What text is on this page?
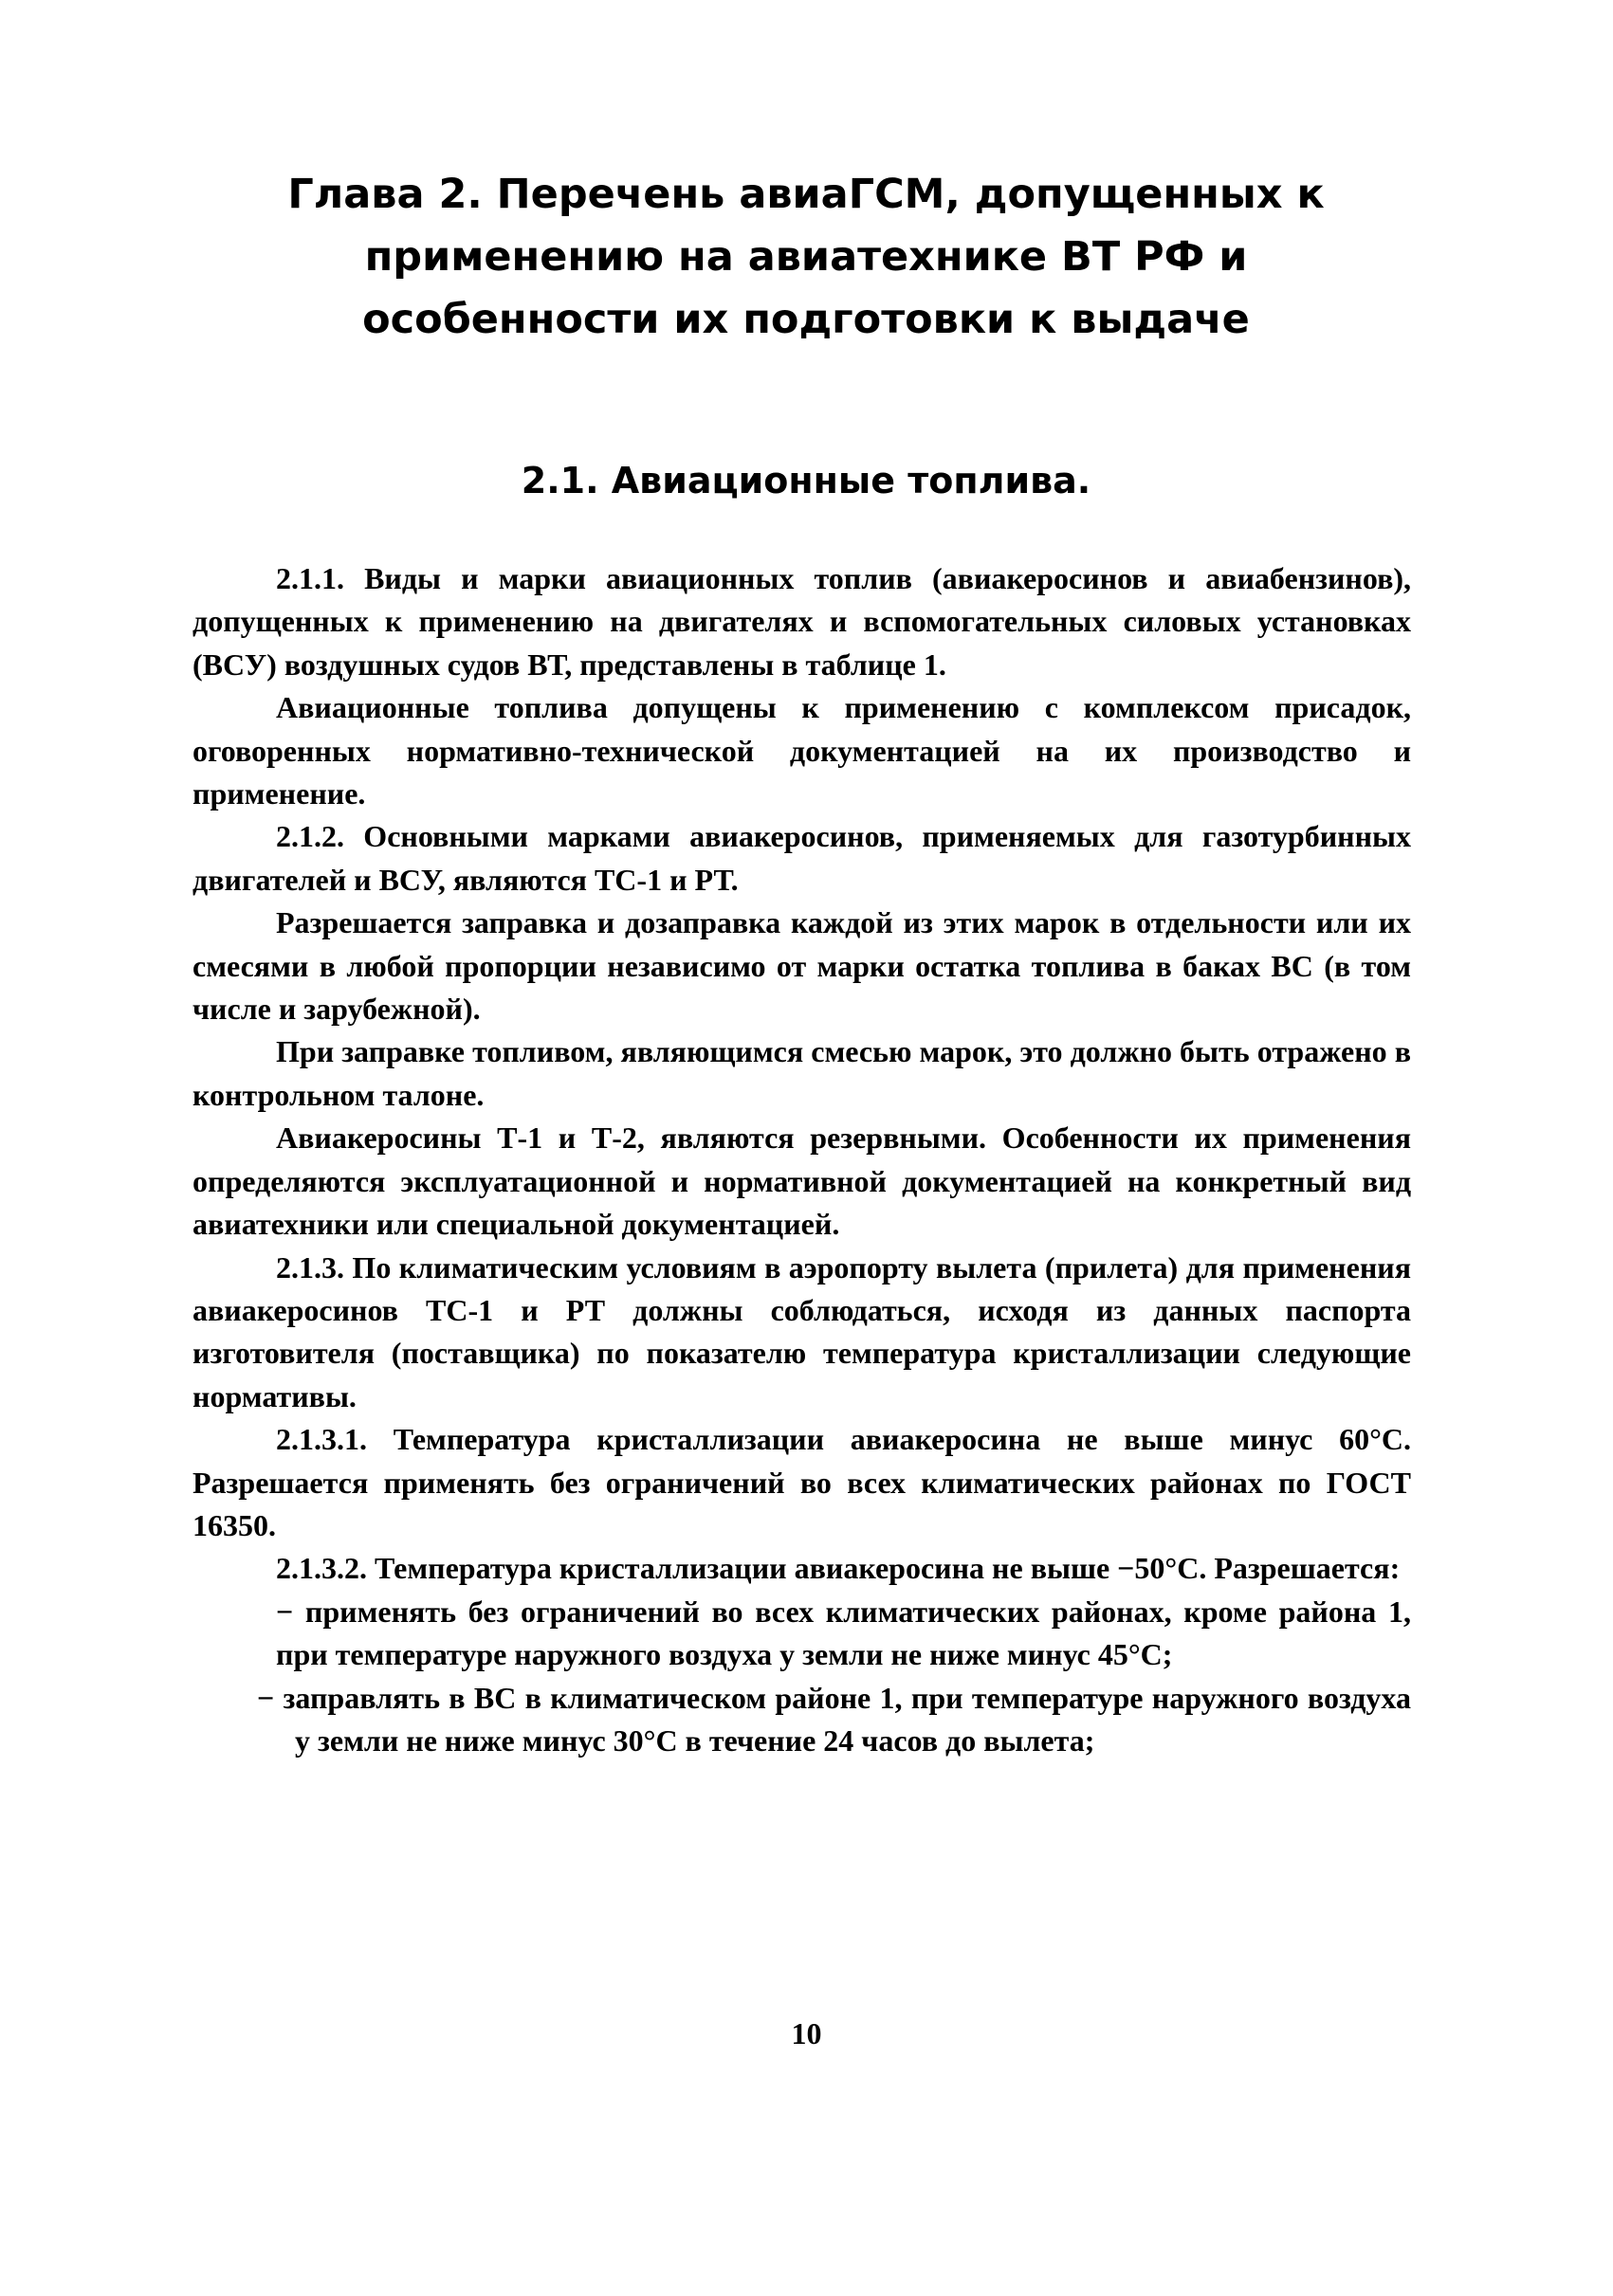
Глава 2. Перечень авиаГСМ, допущенных к
применению на авиатехнике ВТ РФ и
особенности их подготовки к выдаче
2.1. Авиационные топлива.

2.1.1. Виды и марки авиационных топлив (авиакеросинов и авиабензинов), допущенных к применению на двигателях и вспомогательных силовых установках (ВСУ) воздушных судов ВТ, представлены в таблице 1.

Авиационные топлива допущены к применению с комплексом присадок, оговоренных нормативно-технической документацией на их производство и применение.

2.1.2. Основными марками авиакеросинов, применяемых для газотурбинных двигателей и ВСУ, являются ТС-1 и РТ.

Разрешается заправка и дозаправка каждой из этих марок в отдельности или их смесями в любой пропорции независимо от марки остатка топлива в баках ВС (в том числе и зарубежной).

При заправке топливом, являющимся смесью марок, это должно быть отражено в контрольном талоне.

Авиакеросины Т-1 и Т-2, являются резервными. Особенности их применения определяются эксплуатационной и нормативной документацией на конкретный вид авиатехники или специальной документацией.

2.1.3. По климатическим условиям в аэропорту вылета (прилета) для применения авиакеросинов ТС-1 и РТ должны соблюдаться, исходя из данных паспорта изготовителя (поставщика) по показателю температура кристаллизации следующие нормативы.

2.1.3.1. Температура кристаллизации авиакеросина не выше минус 60°С. Разрешается применять без ограничений во всех климатических районах по ГОСТ 16350.

2.1.3.2. Температура кристаллизации авиакеросина не выше −50°С. Разрешается:

− применять без ограничений во всех климатических районах, кроме района 1, при температуре наружного воздуха у земли не ниже минус 45°С;

− заправлять в ВС в климатическом районе 1, при температуре наружного воздуха у земли не ниже минус 30°С в течение 24 часов до вылета;

10
